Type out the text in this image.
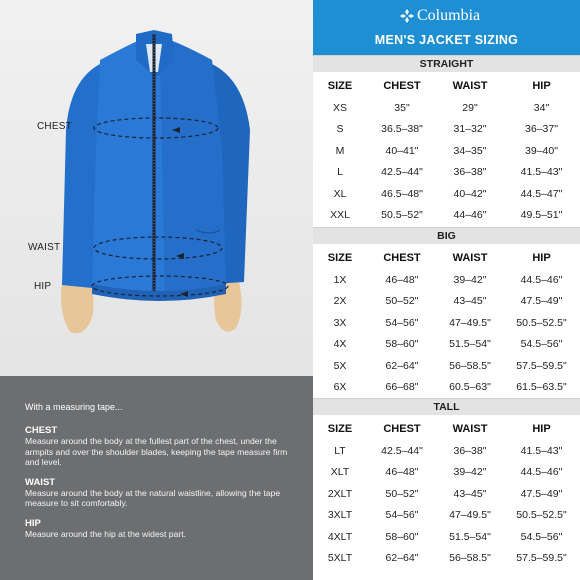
CHEST
WAIST
HIP
With a measuring tape...
CHEST
Measure around the body at the fullest part of the chest, under the armpits and over the shoulder blades, keeping the tape measure firm and level.
WAIST
Measure around the body at the natural waistline, allowing the tape measure to sit comfortably.
HIP
Measure around the hip at the widest part.
Columbia
MEN'S JACKET SIZING
STRAIGHT
SIZE	CHEST	WAIST	HIP
XS	35"	29"	34"
S	36.5–38"	31–32"	36–37"
M	40–41"	34–35"	39–40"
L	42.5–44"	36–38"	41.5–43"
XL	46.5–48"	40–42"	44.5–47"
XXL	50.5–52"	44–46"	49.5–51"
BIG
SIZE	CHEST	WAIST	HIP
1X	46–48"	39–42"	44.5–46"
2X	50–52"	43–45"	47.5–49"
3X	54–56"	47–49.5"	50.5–52.5"
4X	58–60"	51.5–54"	54.5–56"
5X	62–64"	56–58.5"	57.5–59.5"
6X	66–68"	60.5–63"	61.5–63.5"
TALL
SIZE	CHEST	WAIST	HIP
LT	42.5–44"	36–38"	41.5–43"
XLT	46–48"	39–42"	44.5–46"
2XLT	50–52"	43–45"	47.5–49"
3XLT	54–56"	47–49.5"	50.5–52.5"
4XLT	58–60"	51.5–54"	54.5–56"
5XLT	62–64"	56–58.5"	57.5–59.5"
